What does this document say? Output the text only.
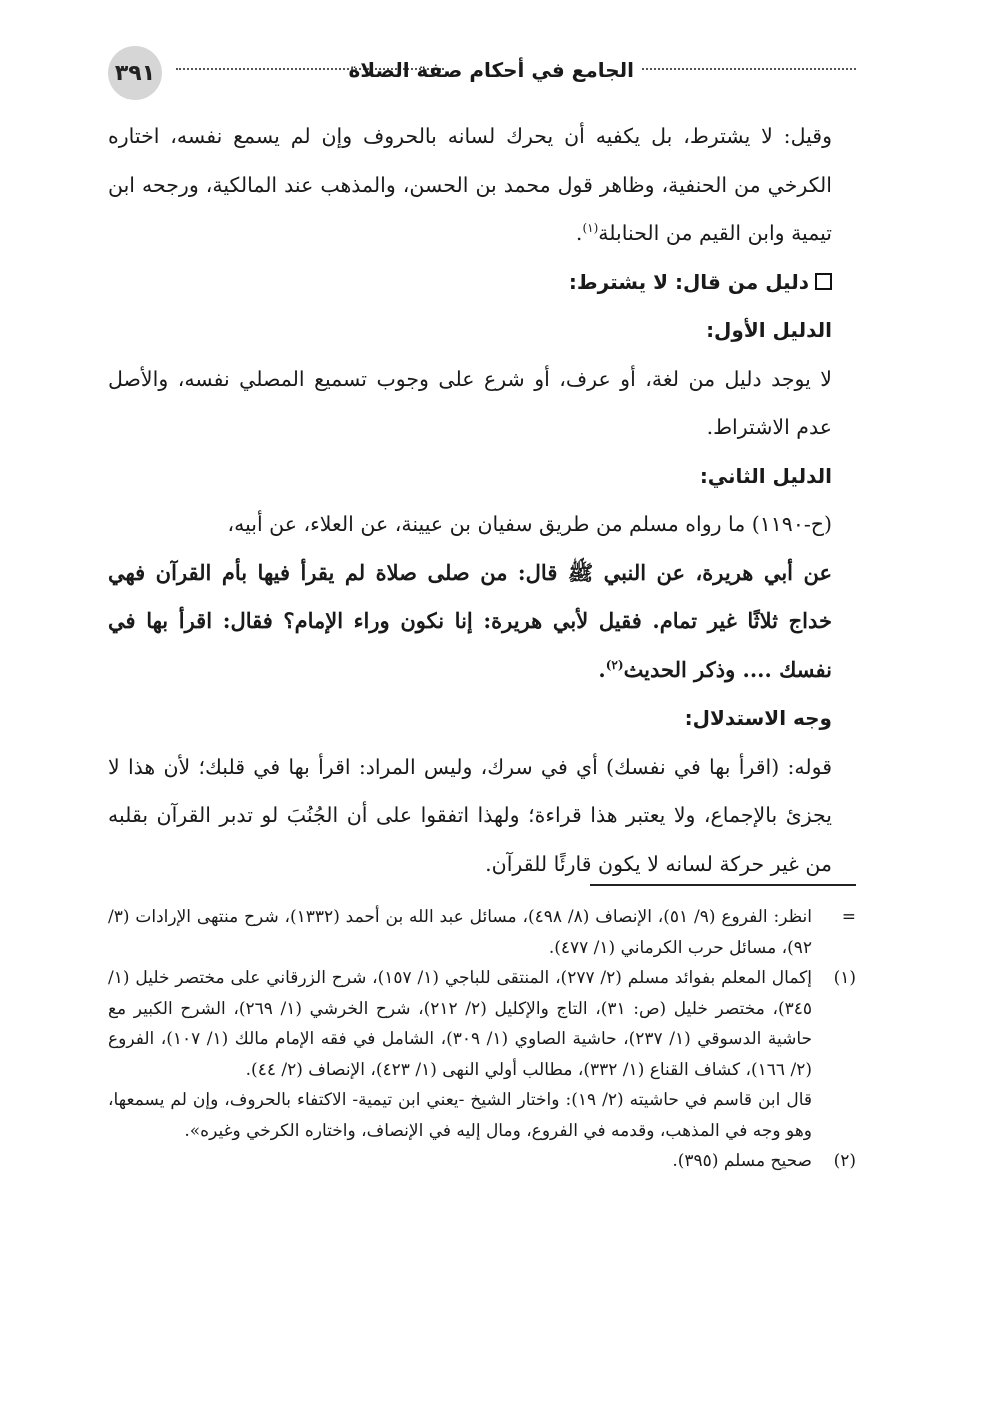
٣٩١	الجامع في أحكام صفة الصلاة

وقيل: لا يشترط، بل يكفيه أن يحرك لسانه بالحروف وإن لم يسمع نفسه، اختاره الكرخي من الحنفية، وظاهر قول محمد بن الحسن، والمذهب عند المالكية، ورجحه ابن تيمية وابن القيم من الحنابلة$^{(١)}$.

دليل من قال: لا يشترط:

الدليل الأول:

لا يوجد دليل من لغة، أو عرف، أو شرع على وجوب تسميع المصلي نفسه، والأصل عدم الاشتراط.

الدليل الثاني:

(ح-١١٩٠) ما رواه مسلم من طريق سفيان بن عيينة، عن العلاء، عن أبيه،

عن أبي هريرة، عن النبي ﷺ قال: من صلى صلاة لم يقرأ فيها بأم القرآن فهي خداج ثلاثًا غير تمام. فقيل لأبي هريرة: إنا نكون وراء الإمام؟ فقال: اقرأ بها في نفسك .... وذكر الحديث$^{(٢)}$.

وجه الاستدلال:

قوله: (اقرأ بها في نفسك) أي في سرك، وليس المراد: اقرأ بها في قلبك؛ لأن هذا لا يجزئ بالإجماع، ولا يعتبر هذا قراءة؛ ولهذا اتفقوا على أن الجُنُبَ لو تدبر القرآن بقلبه من غير حركة لسانه لا يكون قارئًا للقرآن.

=
انظر: الفروع (٩/ ٥١)، الإنصاف (٨/ ٤٩٨)، مسائل عبد الله بن أحمد (١٣٣٢)، شرح منتهى الإرادات (٣/ ٩٢)، مسائل حرب الكرماني (١/ ٤٧٧).

(١)
إكمال المعلم بفوائد مسلم (٢/ ٢٧٧)، المنتقى للباجي (١/ ١٥٧)، شرح الزرقاني على مختصر خليل (١/ ٣٤٥)، مختصر خليل (ص: ٣١)، التاج والإكليل (٢/ ٢١٢)، شرح الخرشي (١/ ٢٦٩)، الشرح الكبير مع حاشية الدسوقي (١/ ٢٣٧)، حاشية الصاوي (١/ ٣٠٩)، الشامل في فقه الإمام مالك (١/ ١٠٧)، الفروع (٢/ ١٦٦)، كشاف القناع (١/ ٣٣٢)، مطالب أولي النهى (١/ ٤٢٣)، الإنصاف (٢/ ٤٤).

قال ابن قاسم في حاشيته (٢/ ١٩): واختار الشيخ -يعني ابن تيمية- الاكتفاء بالحروف، وإن لم يسمعها، وهو وجه في المذهب، وقدمه في الفروع، ومال إليه في الإنصاف، واختاره الكرخي وغيره».

(٢)
صحيح مسلم (٣٩٥).
